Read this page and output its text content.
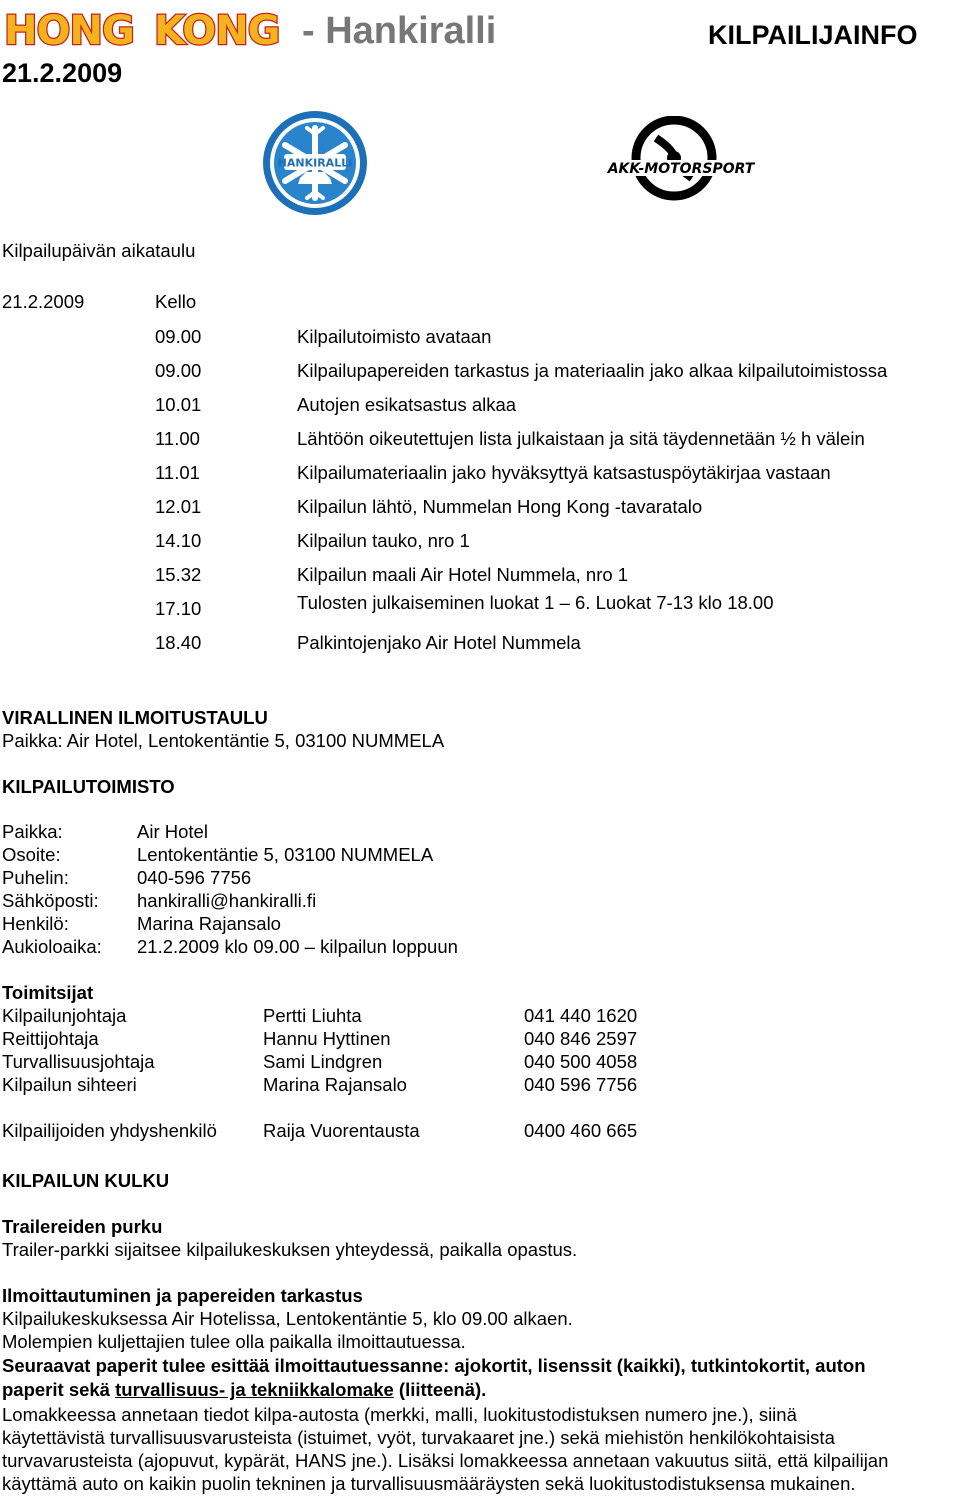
HONG KONG - Hankiralli	KILPAILIJAINFO
21.2.2009
HANKIRALLI	AKK-MOTORSPORT
Kilpailupäivän aikataulu
21.2.2009	Kello
09.00	Kilpailutoimisto avataan
09.00	Kilpailupapereiden tarkastus ja materiaalin jako alkaa kilpailutoimistossa
10.01	Autojen esikatsastus alkaa
11.00	Lähtöön oikeutettujen lista julkaistaan ja sitä täydennetään ½ h välein
11.01	Kilpailumateriaalin jako hyväksyttyä katsastuspöytäkirjaa vastaan
12.01	Kilpailun lähtö, Nummelan Hong Kong -tavaratalo
14.10	Kilpailun tauko, nro 1
15.32	Kilpailun maali Air Hotel Nummela, nro 1
17.10	Tulosten julkaiseminen luokat 1 – 6. Luokat 7-13 klo 18.00
18.40	Palkintojenjako Air Hotel Nummela
VIRALLINEN ILMOITUSTAULU
Paikka: Air Hotel, Lentokentäntie 5, 03100 NUMMELA
KILPAILUTOIMISTO
Paikka:	Air Hotel
Osoite:	Lentokentäntie 5, 03100 NUMMELA
Puhelin:	040-596 7756
Sähköposti: hankiralli@hankiralli.fi
Henkilö:	Marina Rajansalo
Aukioloaika: 21.2.2009 klo 09.00 – kilpailun loppuun
Toimitsijat
Kilpailunjohtaja	Pertti Liuhta	041 440 1620
Reittijohtaja	Hannu Hyttinen	040 846 2597
Turvallisuusjohtaja	Sami Lindgren	040 500 4058
Kilpailun sihteeri	Marina Rajansalo	040 596 7756
Kilpailijoiden yhdyshenkilö Raija Vuorentausta	0400 460 665
KILPAILUN KULKU
Trailereiden purku
Trailer-parkki sijaitsee kilpailukeskuksen yhteydessä, paikalla opastus.
Ilmoittautuminen ja papereiden tarkastus
Kilpailukeskuksessa Air Hotelissa, Lentokentäntie 5, klo 09.00 alkaen.
Molempien kuljettajien tulee olla paikalla ilmoittautuessa.
Seuraavat paperit tulee esittää ilmoittautuessanne: ajokortit, lisenssit (kaikki), tutkintokortit, auton
paperit sekä turvallisuus- ja tekniikkalomake (liitteenä).
Lomakkeessa annetaan tiedot kilpa-autosta (merkki, malli, luokitustodistuksen numero jne.), siinä
käytettävistä turvallisuusvarusteista (istuimet, vyöt, turvakaaret jne.) sekä miehistön henkilökohtaisista
turvavarusteista (ajopuvut, kypärät, HANS jne.). Lisäksi lomakkeessa annetaan vakuutus siitä, että kilpailijan
käyttämä auto on kaikin puolin tekninen ja turvallisuusmääräysten sekä luokitustodistuksensa mukainen.
